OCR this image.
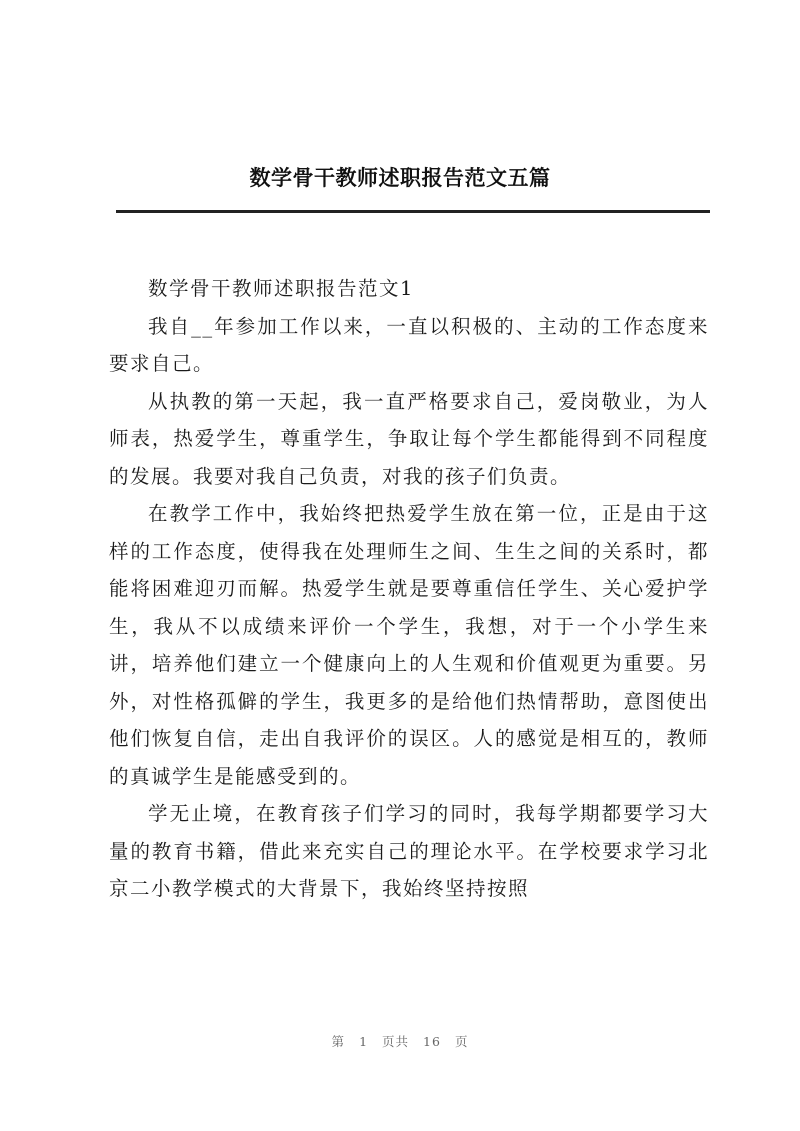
数学骨干教师述职报告范文五篇

数学骨干教师述职报告范文1

我自__年参加工作以来，一直以积极的、主动的工作态度来要求自己。

从执教的第一天起，我一直严格要求自己，爱岗敬业，为人师表，热爱学生，尊重学生，争取让每个学生都能得到不同程度的发展。我要对我自己负责，对我的孩子们负责。

在教学工作中，我始终把热爱学生放在第一位，正是由于这样的工作态度，使得我在处理师生之间、生生之间的关系时，都能将困难迎刃而解。热爱学生就是要尊重信任学生、关心爱护学生，我从不以成绩来评价一个学生，我想，对于一个小学生来讲，培养他们建立一个健康向上的人生观和价值观更为重要。另外，对性格孤僻的学生，我更多的是给他们热情帮助，意图使出他们恢复自信，走出自我评价的误区。人的感觉是相互的，教师的真诚学生是能感受到的。

学无止境，在教育孩子们学习的同时，我每学期都要学习大量的教育书籍，借此来充实自己的理论水平。在学校要求学习北京二小教学模式的大背景下，我始终坚持按照

第 1 页共 16 页
